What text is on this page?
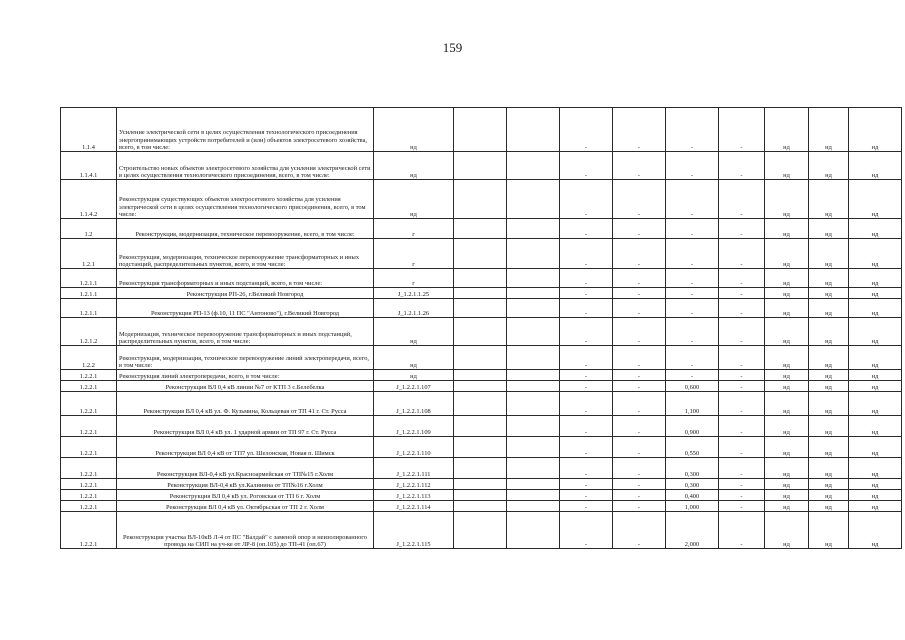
159
1.1.4	Усиление электрической сети в целях осуществления технологического присоединения энергопринимающих устройств потребителей и (или) объектов электросетевого хозяйства, всего, в том числе:	нд			-	-	-	-	нд	нд	нд
1.1.4.1	Строительство новых объектов электросетевого хозяйства для усиления электрической сети в целях осуществления технологического присоединения, всего, в том числе:	нд			-	-	-	-	нд	нд	нд
1.1.4.2	Реконструкция существующих объектов электросетевого хозяйства для усиления электрической сети в целях осуществления технологического присоединения, всего, в том числе:	нд			-	-	-	-	нд	нд	нд
1.2	Реконструкция, модернизация, техническое перевооружение, всего, в том числе:	г			-	-	-	-	нд	нд	нд
1.2.1	Реконструкция, модернизация, техническое перевооружение трансформаторных и иных подстанций, распределительных пунктов, всего, в том числе:	г			-	-	-	-	нд	нд	нд
1.2.1.1	Реконструкция трансформаторных и иных подстанций, всего, в том числе:	г			-	-	-	-	нд	нд	нд
1.2.1.1	Реконструкция РП-26, г.Великий Новгород	J_1.2.1.1.25			-	-	-	-	нд	нд	нд
1.2.1.1	Реконструкция РП-13 (ф.10, 11 ПС "Антоново"), г.Великий Новгород	J_1.2.1.1.26			-	-	-	-	нд	нд	нд
1.2.1.2	Модернизация, техническое перевооружение трансформаторных и иных подстанций, распределительных пунктов, всего, в том числе:	нд			-	-	-	-	нд	нд	нд
1.2.2	Реконструкция, модернизация, техническое перевооружение линий электропередачи, всего, в том числе:	нд			-	-	-	-	нд	нд	нд
1.2.2.1	Реконструкция линий электропередачи, всего, в том числе:	нд			-	-	-	-	нд	нд	нд
1.2.2.1	Реконструкция ВЛ 0,4 кВ линии №7 от КТП 3 с.Белебелка	J_1.2.2.1.107			-	-	0,600	-	нд	нд	нд
1.2.2.1	Реконструкция ВЛ 0,4 кВ ул. Ф. Кузьмина, Кольцевая от ТП 41 г. Ст. Русса	J_1.2.2.1.108			-	-	1,100	-	нд	нд	нд
1.2.2.1	Реконструкция ВЛ 0,4 кВ ул. 1 ударной армии от ТП 97 г. Ст. Русса	J_1.2.2.1.109			-	-	0,900	-	нд	нд	нд
1.2.2.1	Реконструкция ВЛ 0,4 кВ от ТП7 ул. Шелонская, Новая п. Шимск	J_1.2.2.1.110			-	-	0,550	-	нд	нд	нд
1.2.2.1	Реконструкция ВЛ-0,4 кВ ул.Красноармейская от ТП№15 г.Холм	J_1.2.2.1.111			-	-	0,300	-	нд	нд	нд
1.2.2.1	Реконструкция ВЛ-0,4 кВ ул.Калинина от ТП№16 г.Холм	J_1.2.2.1.112			-	-	0,300	-	нд	нд	нд
1.2.2.1	Реконструкция ВЛ 0,4 кВ ул. Роговская от ТП 6 г. Холм	J_1.2.2.1.113			-	-	0,400	-	нд	нд	нд
1.2.2.1	Реконструкция ВЛ 0,4 кВ ул. Октябрьская от ТП 2 г. Холм	J_1.2.2.1.114			-	-	1,000	-	нд	нд	нд
1.2.2.1	Реконструкция участка ВЛ-10кВ Л-4 от ПС "Валдай" с заменой опор и неизолированного провода на СИП на уч-ке от ЛР-8 (оп.105) до ТП-41 (оп.67)	J_1.2.2.1.115			-	-	2,000	-	нд	нд	нд
